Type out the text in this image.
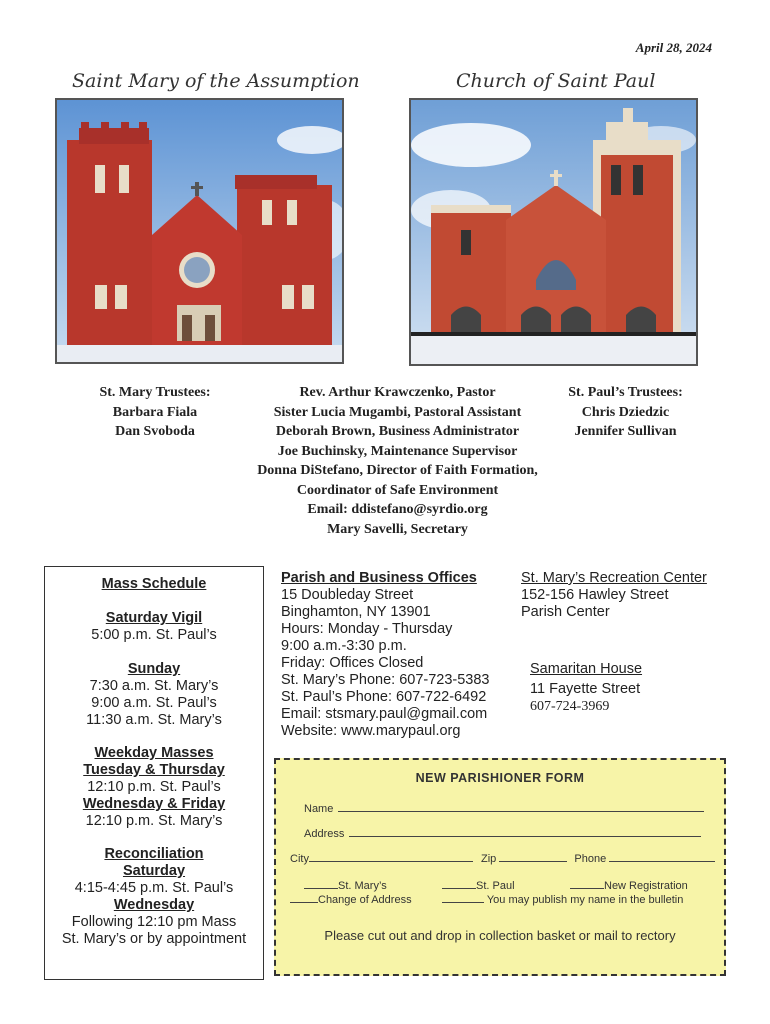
April 28, 2024
Saint Mary of the Assumption	Church of Saint Paul
St. Mary Trustees:
Barbara Fiala
Dan Svoboda
Rev. Arthur Krawczenko, Pastor
Sister Lucia Mugambi, Pastoral Assistant
Deborah Brown, Business Administrator
Joe Buchinsky, Maintenance Supervisor
Donna DiStefano, Director of Faith Formation,
Coordinator of Safe Environment
Email: ddistefano@syrdio.org
Mary Savelli, Secretary
St. Paul’s Trustees:
Chris Dziedzic
Jennifer Sullivan
Mass Schedule
Saturday Vigil
5:00 p.m. St. Paul’s
Sunday
7:30 a.m. St. Mary’s
9:00 a.m. St. Paul’s
11:30 a.m. St. Mary’s
Weekday Masses
Tuesday & Thursday
12:10 p.m. St. Paul’s
Wednesday & Friday
12:10 p.m. St. Mary’s
Reconciliation
Saturday
4:15-4:45 p.m. St. Paul’s
Wednesday
Following 12:10 pm Mass
St. Mary’s or by appointment
Parish and Business Offices
15 Doubleday Street
Binghamton, NY 13901
Hours: Monday - Thursday
9:00 a.m.-3:30 p.m.
Friday: Offices Closed
St. Mary’s Phone: 607-723-5383
St. Paul’s Phone: 607-722-6492
Email: stsmary.paul@gmail.com
Website: www.marypaul.org
St. Mary’s Recreation Center
152-156 Hawley Street
Parish Center
Samaritan House
11 Fayette Street
607-724-3969
NEW PARISHIONER FORM
Name
Address
City	Zip	Phone
St. Mary’s	St. Paul	New Registration
Change of Address	You may publish my name in the bulletin
Please cut out and drop in collection basket or mail to rectory
